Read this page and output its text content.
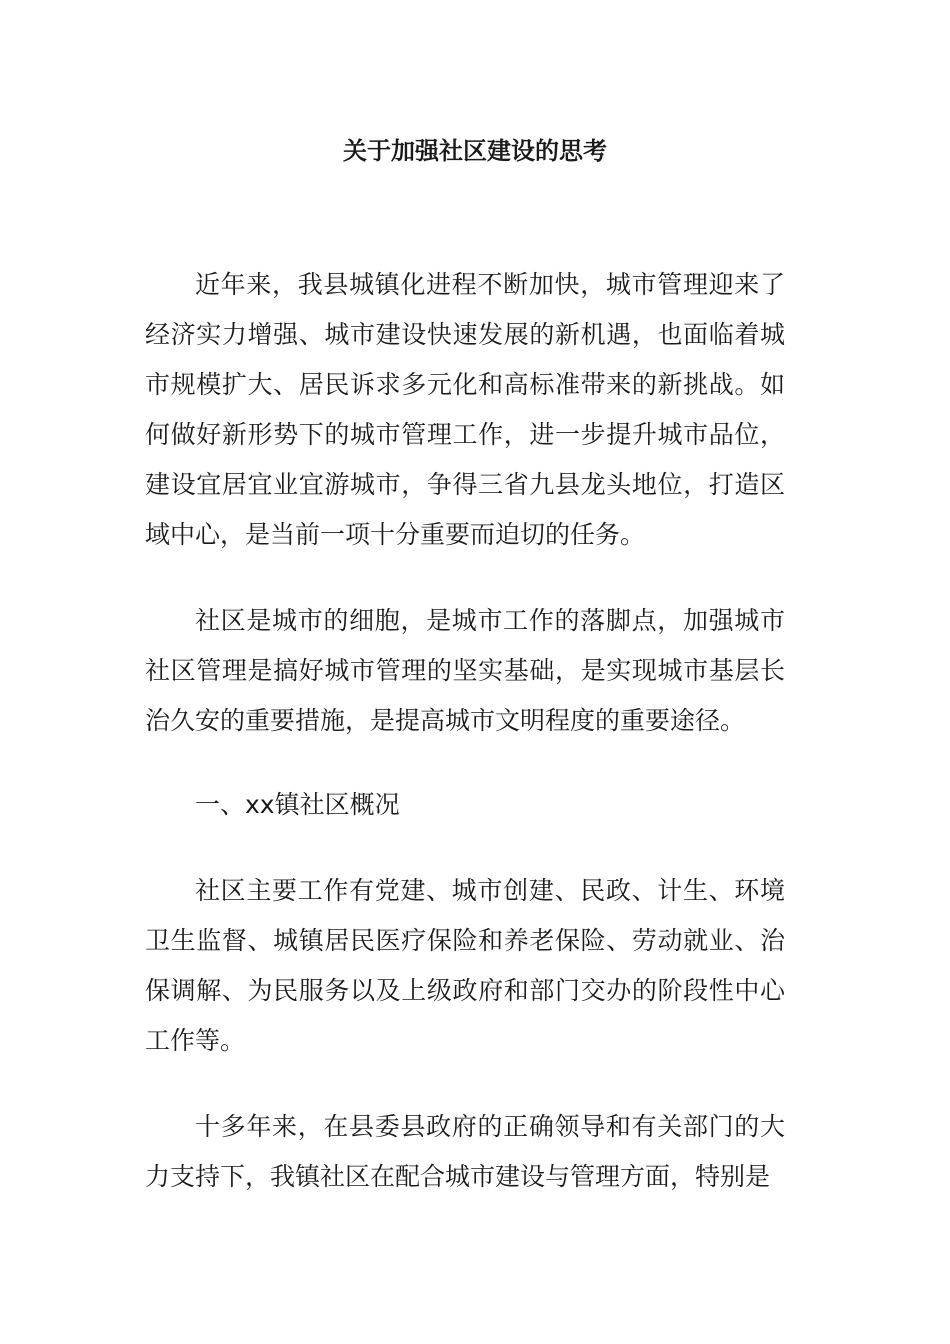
关于加强社区建设的思考

近年来，我县城镇化进程不断加快，城市管理迎来了经济实力增强、城市建设快速发展的新机遇，也面临着城市规模扩大、居民诉求多元化和高标准带来的新挑战。如何做好新形势下的城市管理工作，进一步提升城市品位，建设宜居宜业宜游城市，争得三省九县龙头地位，打造区域中心，是当前一项十分重要而迫切的任务。

社区是城市的细胞，是城市工作的落脚点，加强城市社区管理是搞好城市管理的坚实基础，是实现城市基层长治久安的重要措施，是提高城市文明程度的重要途径。

一、xx镇社区概况

社区主要工作有党建、城市创建、民政、计生、环境卫生监督、城镇居民医疗保险和养老保险、劳动就业、治保调解、为民服务以及上级政府和部门交办的阶段性中心工作等。

十多年来，在县委县政府的正确领导和有关部门的大力支持下，我镇社区在配合城市建设与管理方面，特别是
